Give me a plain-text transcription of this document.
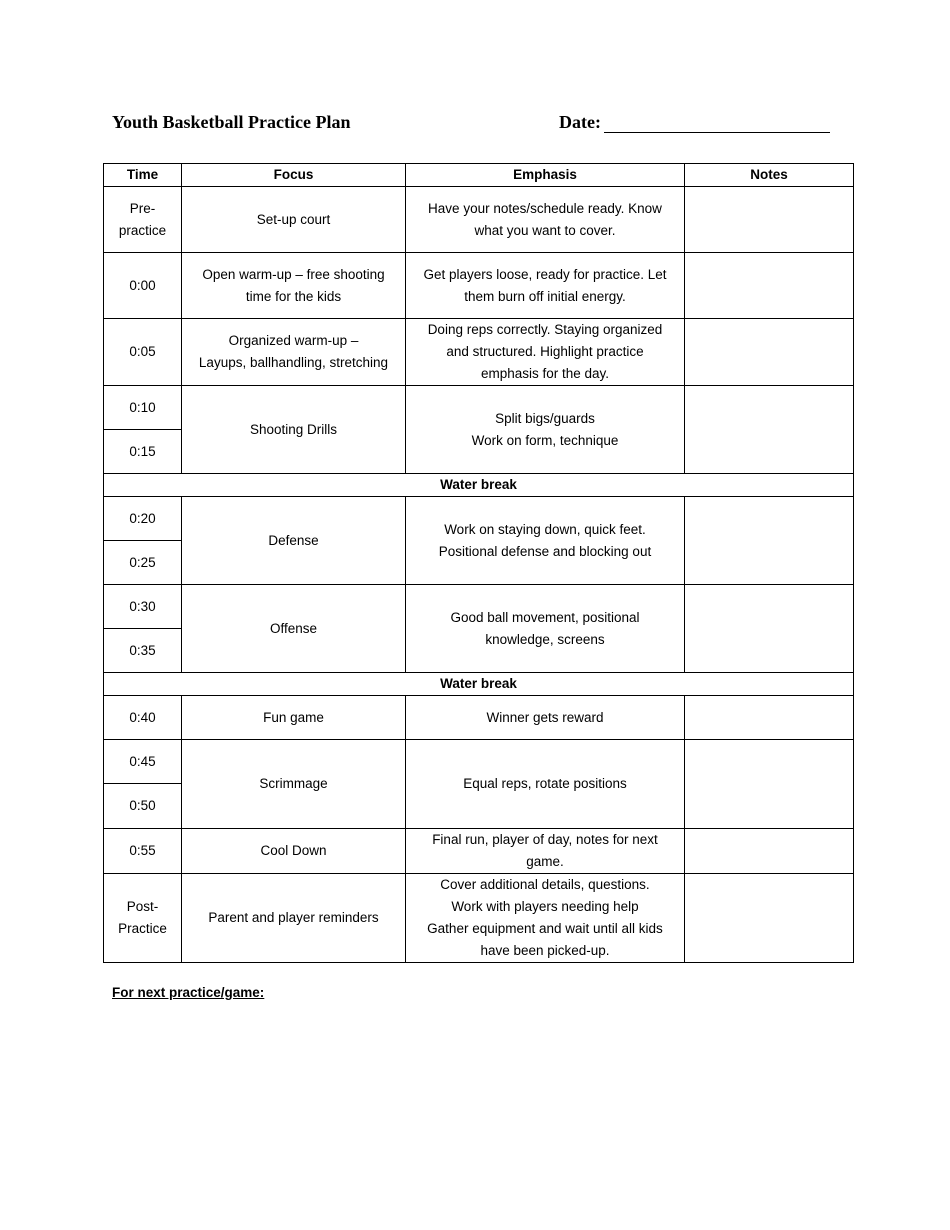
Youth Basketball Practice Plan	Date:
Time	Focus	Emphasis	Notes

Pre-
practice	Set-up court	Have your notes/schedule ready. Know
what you want to cover.	

0:00	Open warm-up – free shooting
time for the kids	Get players loose, ready for practice. Let
them burn off initial energy.	

0:05	Organized warm-up –
Layups, ballhandling, stretching	Doing reps correctly. Staying organized
and structured. Highlight practice
emphasis for the day.	

0:10	Shooting Drills	Split bigs/guards
Work on form, technique	

0:15			
Water break			
0:20	Defense	Work on staying down, quick feet.
Positional defense and blocking out	

0:25			
0:30	Offense	Good ball movement, positional
knowledge, screens	

0:35			
Water break			
0:40	Fun game	Winner gets reward	
0:45	Scrimmage	Equal reps, rotate positions	
0:50			
0:55	Cool Down	Final run, player of day, notes for next
game.	

Post-
Practice	Parent and player reminders	Cover additional details, questions.
Work with players needing help
Gather equipment and wait until all kids
have been picked-up.	

For next practice/game:
